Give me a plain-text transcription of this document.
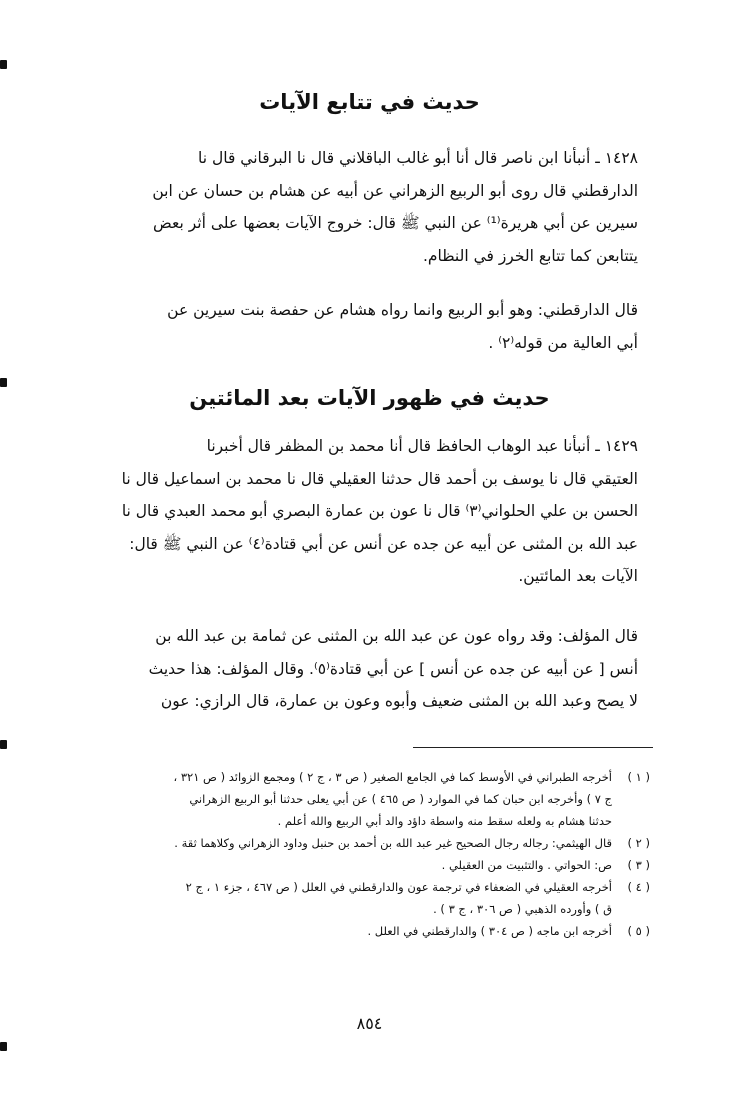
حديث في تتابع الآيات
١٤٢٨ ـ أنبأنا ابن ناصر قال أنا أبو غالب الباقلاني قال نا البرقاني قال نا
الدارقطني قال روى أبو الربيع الزهراني عن أبيه عن هشام بن حسان عن ابن
سيرين عن أبي هريرة⁽¹⁾ عن النبي ﷺ قال: خروج الآيات بعضها على أثر بعض
يتتابعن كما تتابع الخرز في النظام.
قال الدارقطني: وهو أبو الربيع وانما رواه هشام عن حفصة بنت سيرين عن
أبي العالية من قوله⁽٢⁾ .
حديث في ظهور الآيات بعد المائتين
١٤٢٩ ـ أنبأنا عبد الوهاب الحافظ قال أنا محمد بن المظفر قال أخبرنا
العتيقي قال نا يوسف بن أحمد قال حدثنا العقيلي قال نا محمد بن اسماعيل قال نا
الحسن بن علي الحلواني⁽٣⁾ قال نا عون بن عمارة البصري أبو محمد العبدي قال نا
عبد الله بن المثنى عن أبيه عن جده عن أنس عن أبي قتادة⁽٤⁾ عن النبي ﷺ قال:
الآيات بعد المائتين.
قال المؤلف: وقد رواه عون عن عبد الله بن المثنى عن ثمامة بن عبد الله بن
أنس [ عن أبيه عن جده عن أنس ] عن أبي قتادة⁽٥⁾. وقال المؤلف: هذا حديث
لا يصح وعبد الله بن المثنى ضعيف وأبوه وعون بن عمارة، قال الرازي: عون
( ١ )
أخرجه الطبراني في الأوسط كما في الجامع الصغير ( ص ٣ ، ج ٢ ) ومجمع الزوائد ( ص ٣٢١ ،
ج ٧ ) وأخرجه ابن حبان كما في الموارد ( ص ٤٦٥ ) عن أبي يعلى حدثنا أبو الربيع الزهراني
حدثنا هشام به ولعله سقط منه واسطة داؤد والد أبي الربيع والله أعلم .
( ٢ )
قال الهيثمي: رجاله رجال الصحيح غير عبد الله بن أحمد بن حنبل وداود الزهراني وكلاهما ثقة .
( ٣ )
ص: الحواتي . والتثبيت من العقيلي .
( ٤ )
أخرجه العقيلي في الضعفاء في ترجمة عون والدارقطني في العلل ( ص ٤٦٧ ، جزء ١ ، ج ٢
ق ) وأورده الذهبي ( ص ٣٠٦ ، ج ٣ ) .
( ٥ )
أخرجه ابن ماجه ( ص ٣٠٤ ) والدارقطني في العلل .
٨٥٤
